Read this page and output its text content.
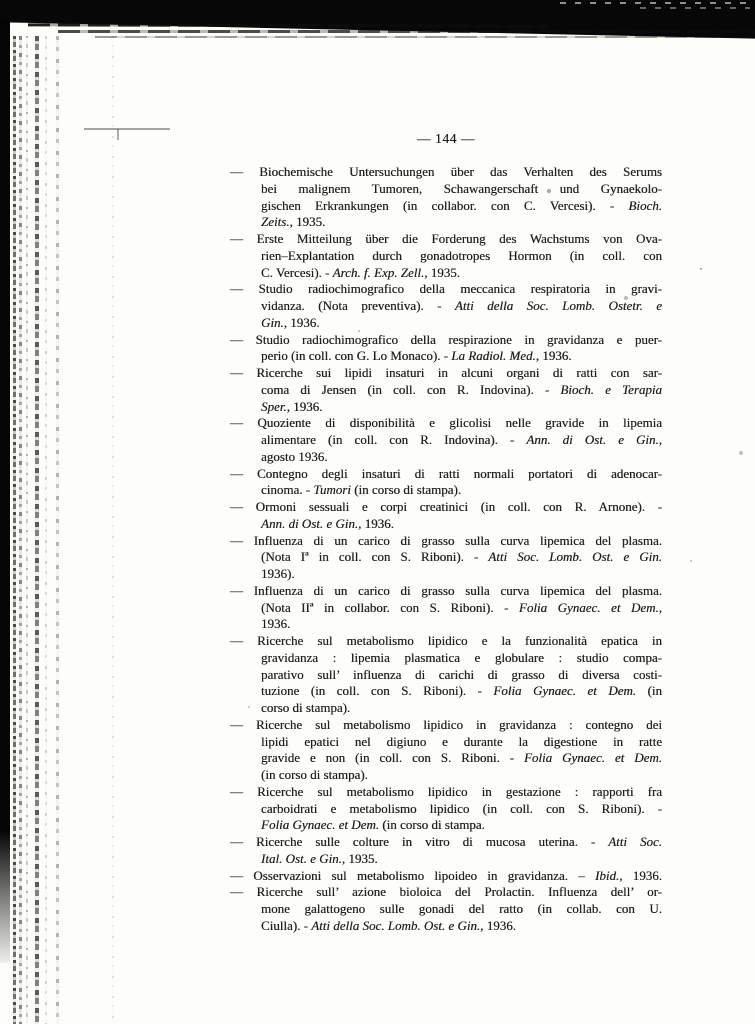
— 144 —
— Biochemische Untersuchungen über das Verhalten des Serums
bei malignem Tumoren, Schawangerschaft und Gynaekolo-
gischen Erkrankungen (in collabor. con C. Vercesi). - Bioch.
Zeits., 1935.
— Erste Mitteilung über die Forderung des Wachstums von Ova-
rien–Explantation durch gonadotropes Hormon (in coll. con
C. Vercesi). - Arch. f. Exp. Zell., 1935.
— Studio radiochimografico della meccanica respiratoria in gravi-
vidanza. (Nota preventiva). - Atti della Soc. Lomb. Ostetr. e
Gin., 1936.
— Studio radiochimografico della respirazione in gravidanza e puer-
perio (in coll. con G. Lo Monaco). - La Radiol. Med., 1936.
— Ricerche sui lipidi insaturi in alcuni organi di ratti con sar-
coma di Jensen (in coll. con R. Indovina). - Bioch. e Terapia
Sper., 1936.
— Quoziente di disponibilità e glicolisi nelle gravide in lipemia
alimentare (in coll. con R. Indovina). - Ann. di Ost. e Gin.,
agosto 1936.
— Contegno degli insaturi di ratti normali portatori di adenocar-
cinoma. - Tumori (in corso di stampa).
— Ormoni sessuali e corpi creatinici (in coll. con R. Arnone). -
Ann. di Ost. e Gin., 1936.
— Influenza di un carico di grasso sulla curva lipemica del plasma.
(Nota Iª in coll. con S. Riboni). - Atti Soc. Lomb. Ost. e Gin.
1936).
— Influenza di un carico di grasso sulla curva lipemica del plasma.
(Nota IIª in collabor. con S. Riboni). - Folia Gynaec. et Dem.,
1936.
— Ricerche sul metabolismo lipidico e la funzionalità epatica in
gravidanza : lipemia plasmatica e globulare : studio compa-
parativo sull’ influenza di carichi di grasso di diversa costi-
tuzione (in coll. con S. Riboni). - Folia Gynaec. et Dem. (in
corso di stampa).
— Ricerche sul metabolismo lipidico in gravidanza : contegno dei
lipidi epatici nel digiuno e durante la digestione in ratte
gravide e non (in coll. con S. Riboni. - Folia Gynaec. et Dem.
(in corso di stampa).
— Ricerche sul metabolismo lipidico in gestazione : rapporti fra
carboidrati e metabolismo lipidico (in coll. con S. Riboni). -
Folia Gynaec. et Dem. (in corso di stampa.
— Ricerche sulle colture in vitro di mucosa uterina. - Atti Soc.
Ital. Ost. e Gin., 1935.
— Osservazioni sul metabolismo lipoideo in gravidanza. – Ibid., 1936.
— Ricerche sull’ azione bioloica del Prolactin. Influenza dell’ or-
mone galattogeno sulle gonadi del ratto (in collab. con U.
Ciulla). - Atti della Soc. Lomb. Ost. e Gin., 1936.
